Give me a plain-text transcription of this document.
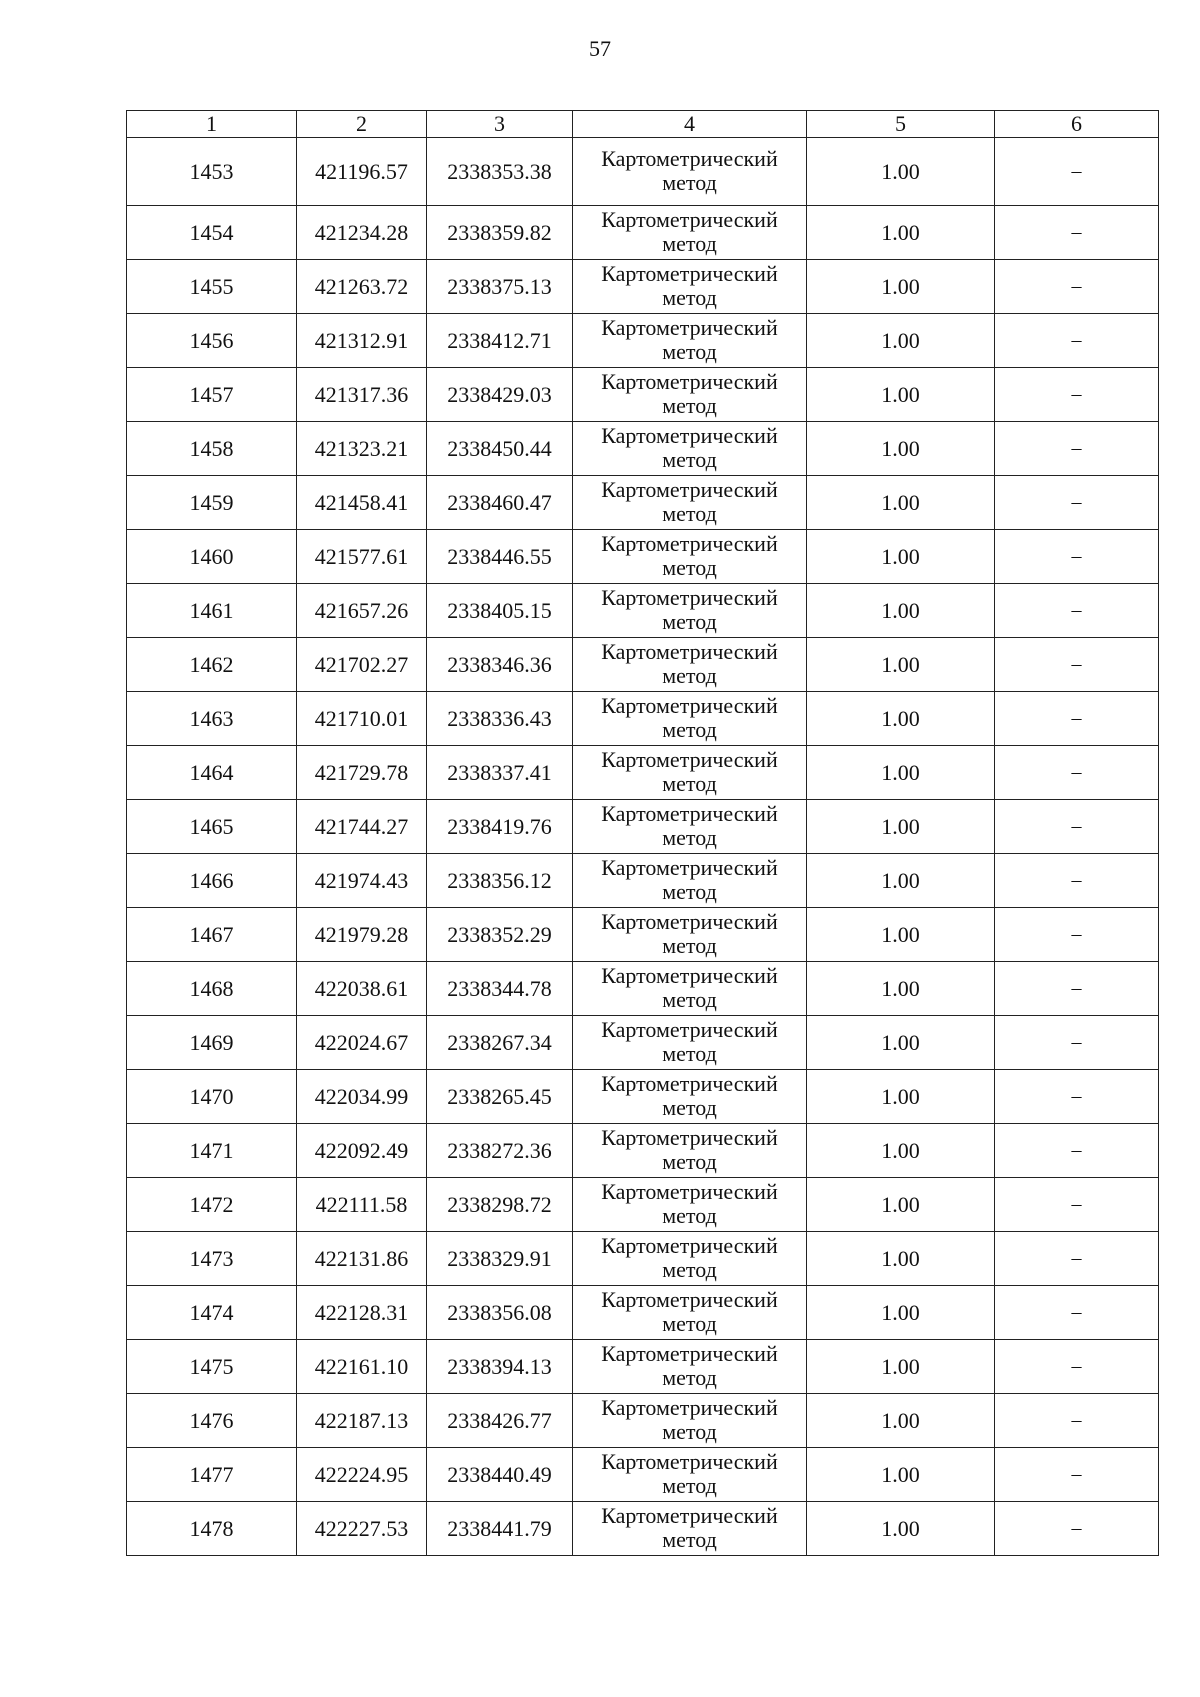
57
1	2	3	4	5	6
1453	421196.57	2338353.38	Картометрический метод	1.00	–
1454	421234.28	2338359.82	Картометрический метод	1.00	–
1455	421263.72	2338375.13	Картометрический метод	1.00	–
1456	421312.91	2338412.71	Картометрический метод	1.00	–
1457	421317.36	2338429.03	Картометрический метод	1.00	–
1458	421323.21	2338450.44	Картометрический метод	1.00	–
1459	421458.41	2338460.47	Картометрический метод	1.00	–
1460	421577.61	2338446.55	Картометрический метод	1.00	–
1461	421657.26	2338405.15	Картометрический метод	1.00	–
1462	421702.27	2338346.36	Картометрический метод	1.00	–
1463	421710.01	2338336.43	Картометрический метод	1.00	–
1464	421729.78	2338337.41	Картометрический метод	1.00	–
1465	421744.27	2338419.76	Картометрический метод	1.00	–
1466	421974.43	2338356.12	Картометрический метод	1.00	–
1467	421979.28	2338352.29	Картометрический метод	1.00	–
1468	422038.61	2338344.78	Картометрический метод	1.00	–
1469	422024.67	2338267.34	Картометрический метод	1.00	–
1470	422034.99	2338265.45	Картометрический метод	1.00	–
1471	422092.49	2338272.36	Картометрический метод	1.00	–
1472	422111.58	2338298.72	Картометрический метод	1.00	–
1473	422131.86	2338329.91	Картометрический метод	1.00	–
1474	422128.31	2338356.08	Картометрический метод	1.00	–
1475	422161.10	2338394.13	Картометрический метод	1.00	–
1476	422187.13	2338426.77	Картометрический метод	1.00	–
1477	422224.95	2338440.49	Картометрический метод	1.00	–
1478	422227.53	2338441.79	Картометрический метод	1.00	–
